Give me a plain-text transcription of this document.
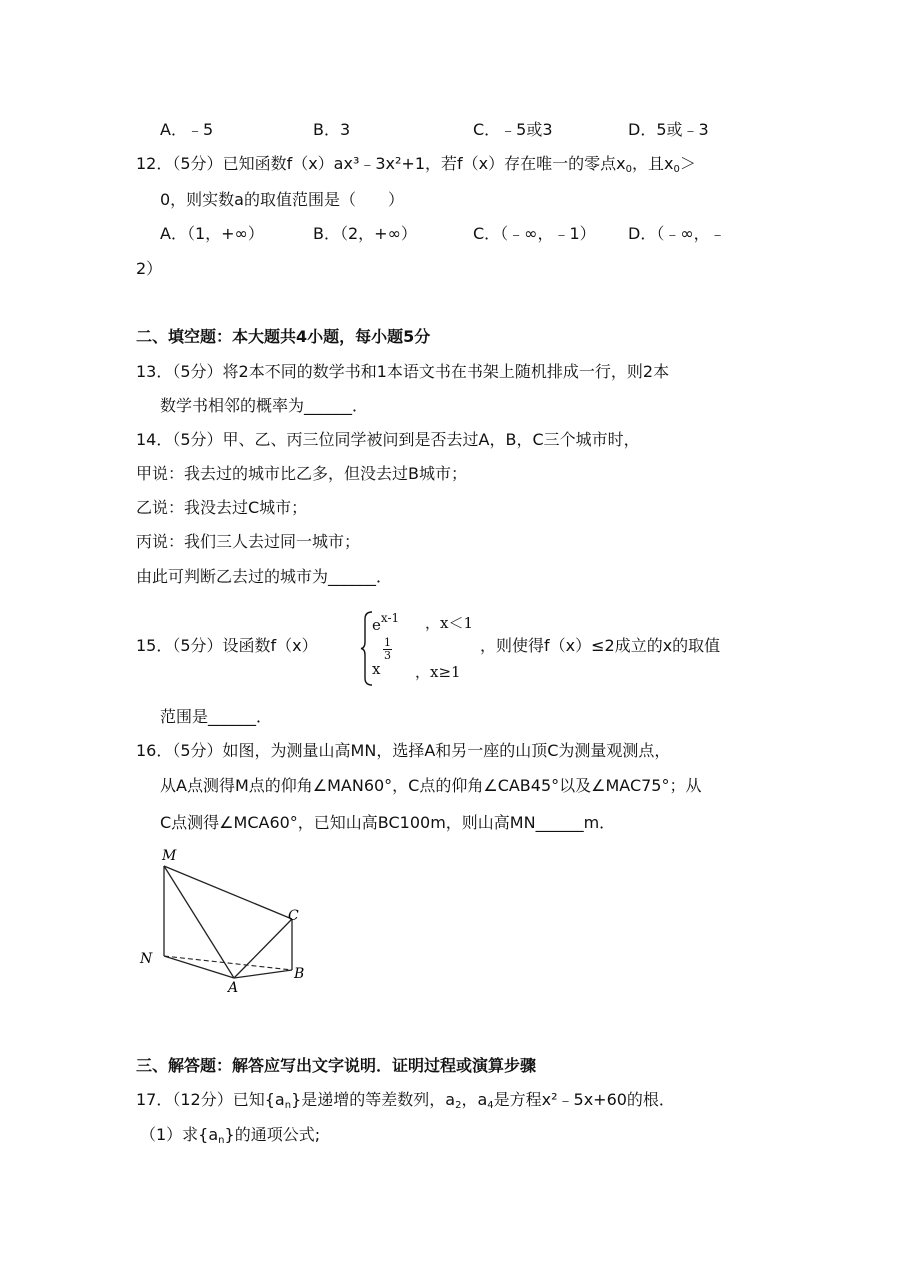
A．﹣5	B．3	C．﹣5或3	D．5或﹣3
12．（5分）已知函数f（x）ax³﹣3x²+1，若f（x）存在唯一的零点$x_0$，且$x_0>$
0，则实数a的取值范围是（　　）
A．（1，+∞）	B．（2，+∞）	C．（﹣∞，﹣1） D．（﹣∞，﹣
2）
二、填空题：本大题共4小题，每小题5分
13．（5分）将2本不同的数学书和1本语文书在书架上随机排成一行，则2本
数学书相邻的概率为______．
14．（5分）甲、乙、丙三位同学被问到是否去过A，B，C三个城市时，
甲说：我去过的城市比乙多，但没去过B城市；
乙说：我没去过C城市；
丙说：我们三人去过同一城市；
由此可判断乙去过的城市为______．
15．（5分）设函数f（x）
$e^{x-1}$ ，x＜1
x
$\frac{1}{3}$
，x≥1
，则使得f（x）≤2成立的x的取值
范围是______．
16．（5分）如图，为测量山高MN，选择A和另一座的山顶C为测量观测点，
从A点测得M点的仰角∠MAN60°，C点的仰角∠CAB45°以及∠MAC75°；从
C点测得∠MCA60°，已知山高BC100m，则山高MN______m．
M
N
A
B
C
三、解答题：解答应写出文字说明．证明过程或演算步骤
17．（12分）已知$\{a_n\}$是递增的等差数列，$a_2$，$a_4$是方程x²﹣5x+60的根．
（1）求$\{a_n\}$的通项公式;
